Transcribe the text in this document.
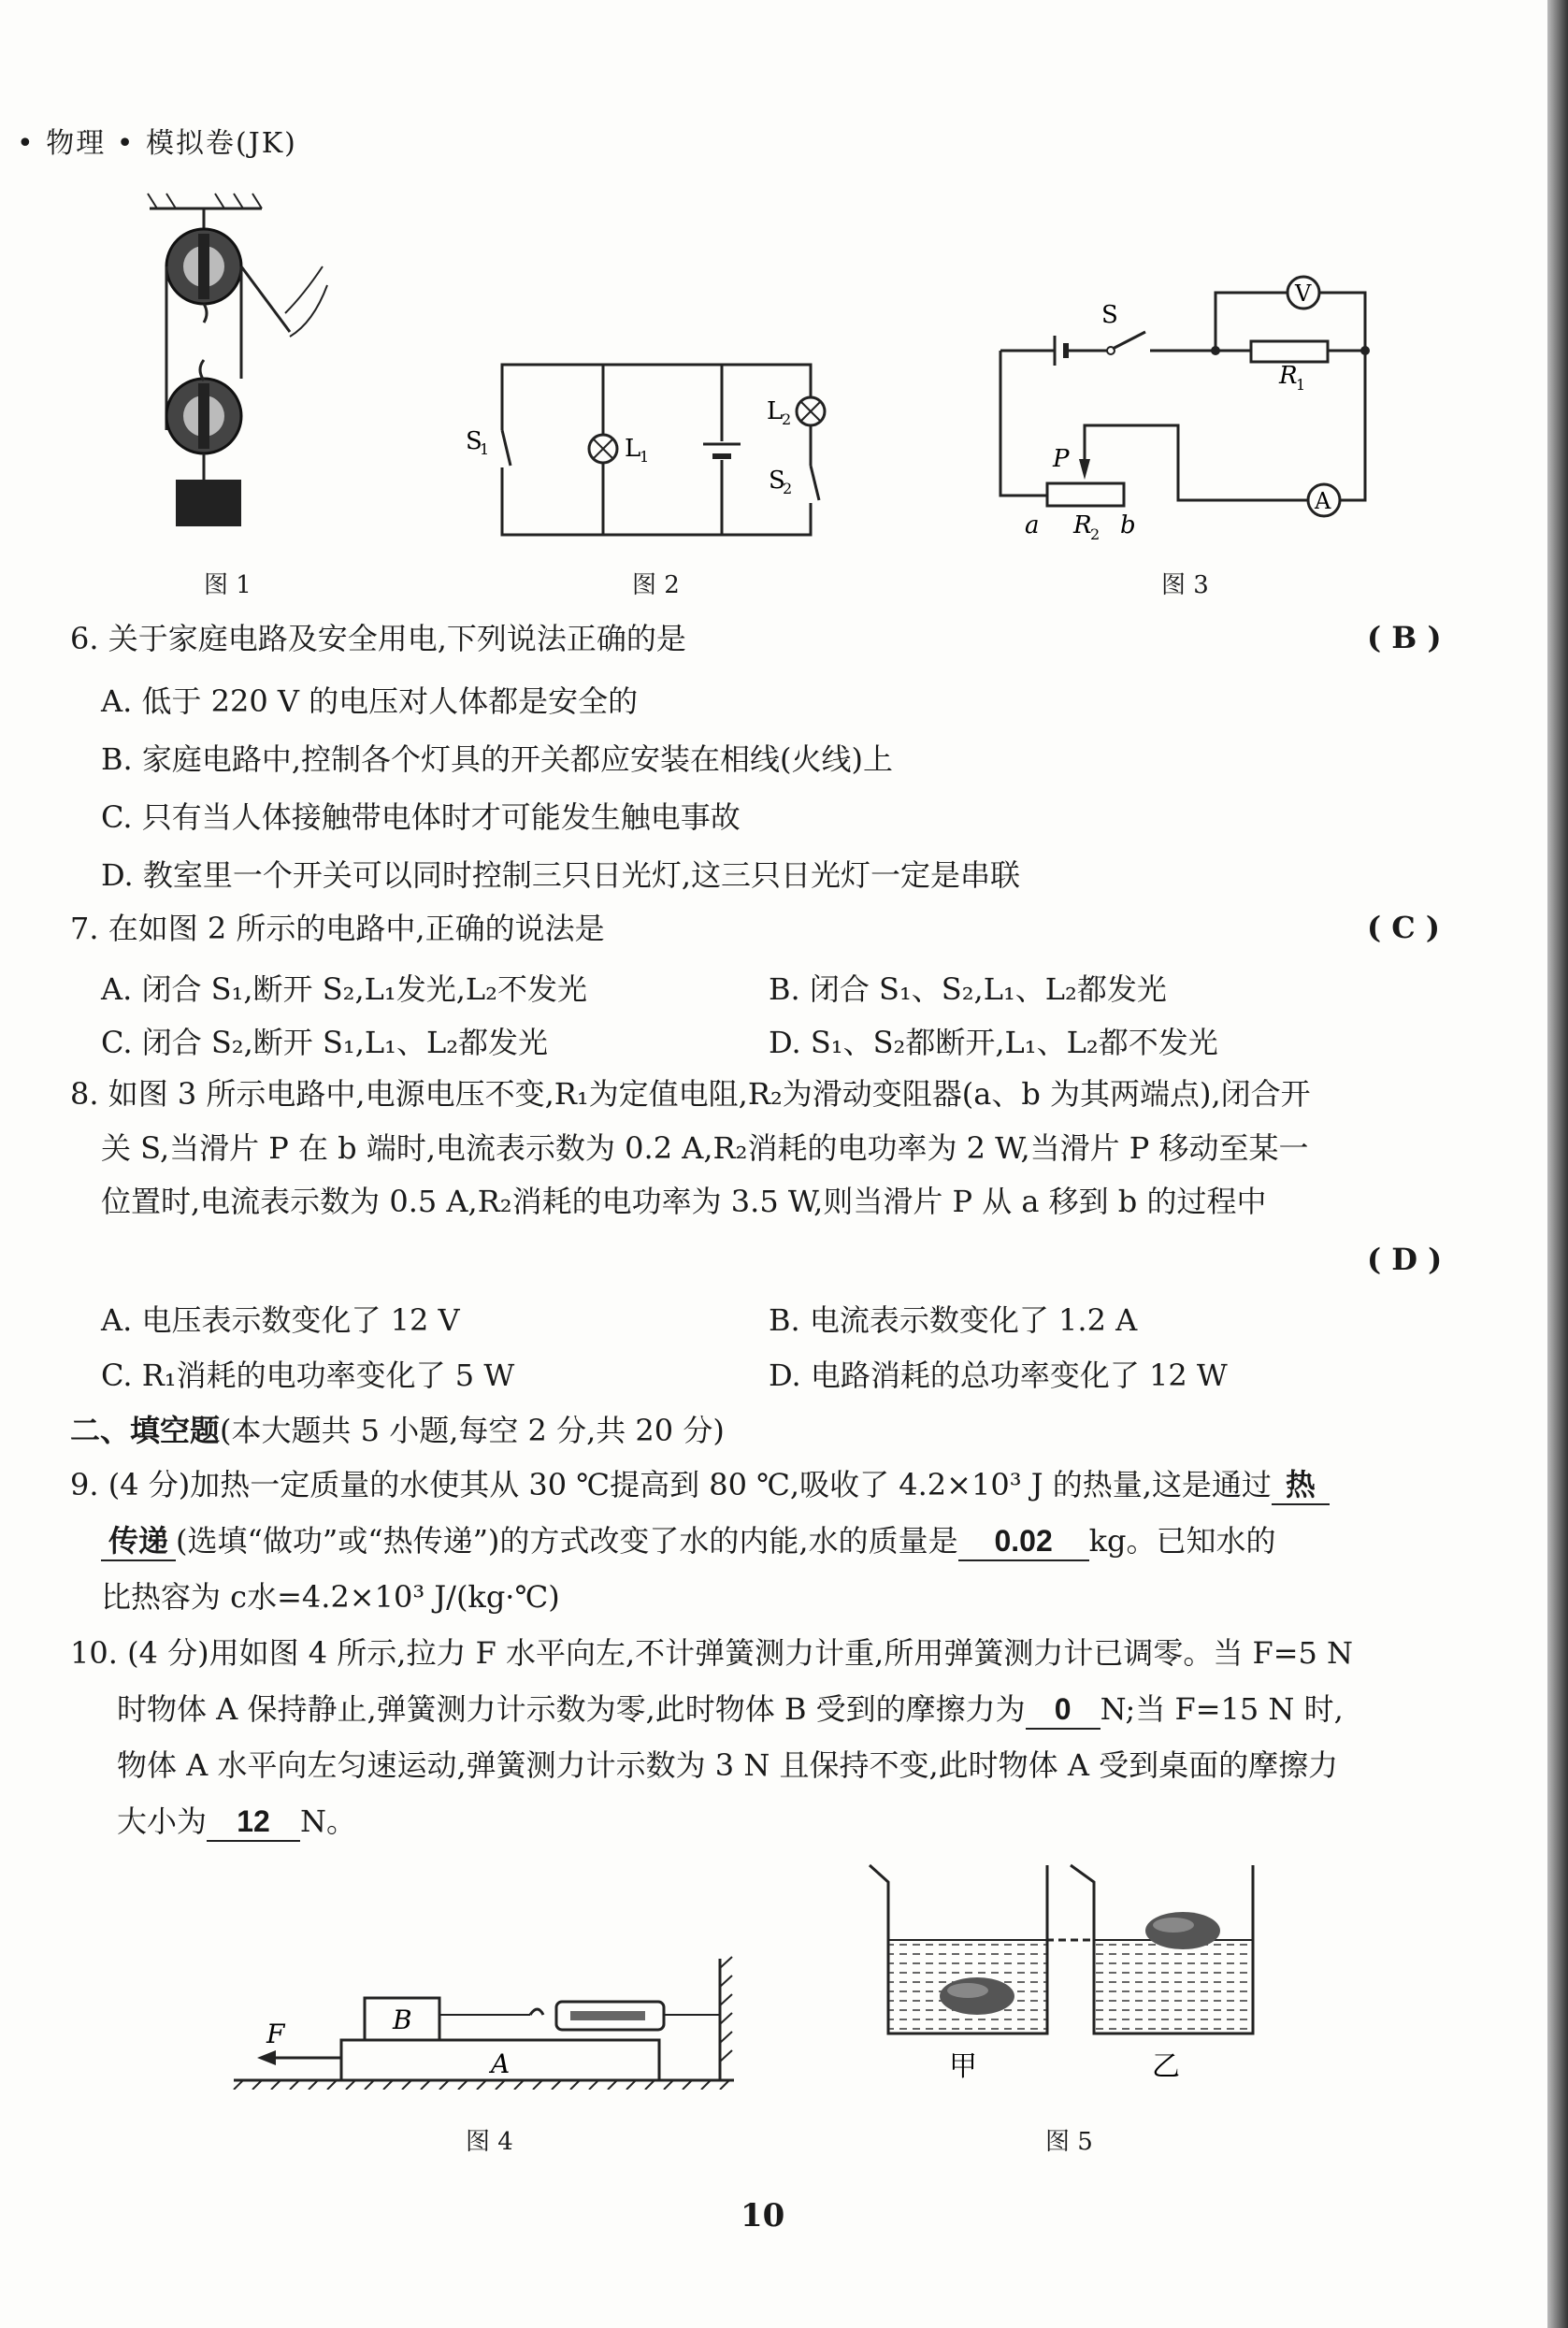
• 物理 • 模拟卷(JK)
图 1
S
1	L
1
L
2
S
2
图 2
V
A
S
R
1
P
a R
2 b
图 3
6. 关于家庭电路及安全用电,下列说法正确的是	( B )
A. 低于 220 V 的电压对人体都是安全的
B. 家庭电路中,控制各个灯具的开关都应安装在相线(火线)上
C. 只有当人体接触带电体时才可能发生触电事故
D. 教室里一个开关可以同时控制三只日光灯,这三只日光灯一定是串联
7. 在如图 2 所示的电路中,正确的说法是	( C )
A. 闭合 S₁,断开 S₂,L₁发光,L₂不发光	B. 闭合 S₁、S₂,L₁、L₂都发光
C. 闭合 S₂,断开 S₁,L₁、L₂都发光	D. S₁、S₂都断开,L₁、L₂都不发光
8. 如图 3 所示电路中,电源电压不变,R₁为定值电阻,R₂为滑动变阻器(a、b 为其两端点),闭合开
关 S,当滑片 P 在 b 端时,电流表示数为 0.2 A,R₂消耗的电功率为 2 W,当滑片 P 移动至某一
位置时,电流表示数为 0.5 A,R₂消耗的电功率为 3.5 W,则当滑片 P 从 a 移到 b 的过程中
( D )
A. 电压表示数变化了 12 V	B. 电流表示数变化了 1.2 A
C. R₁消耗的电功率变化了 5 W	D. 电路消耗的总功率变化了 12 W
二、填空题(本大题共 5 小题,每空 2 分,共 20 分)
9. (4 分)加热一定质量的水使其从 30 ℃提高到 80 ℃,吸收了 4.2×10³ J 的热量,这是通过 热
传递 (选填“做功”或“热传递”)的方式改变了水的内能,水的质量是 0.02 kg。已知水的
比热容为 c水=4.2×10³ J/(kg·℃)
10. (4 分)用如图 4 所示,拉力 F 水平向左,不计弹簧测力计重,所用弹簧测力计已调零。当 F=5 N
时物体 A 保持静止,弹簧测力计示数为零,此时物体 B 受到的摩擦力为 0 N;当 F=15 N 时,
物体 A 水平向左匀速运动,弹簧测力计示数为 3 N 且保持不变,此时物体 A 受到桌面的摩擦力
大小为 12 N。
F	B
A
图 4
甲	乙
图 5
10
